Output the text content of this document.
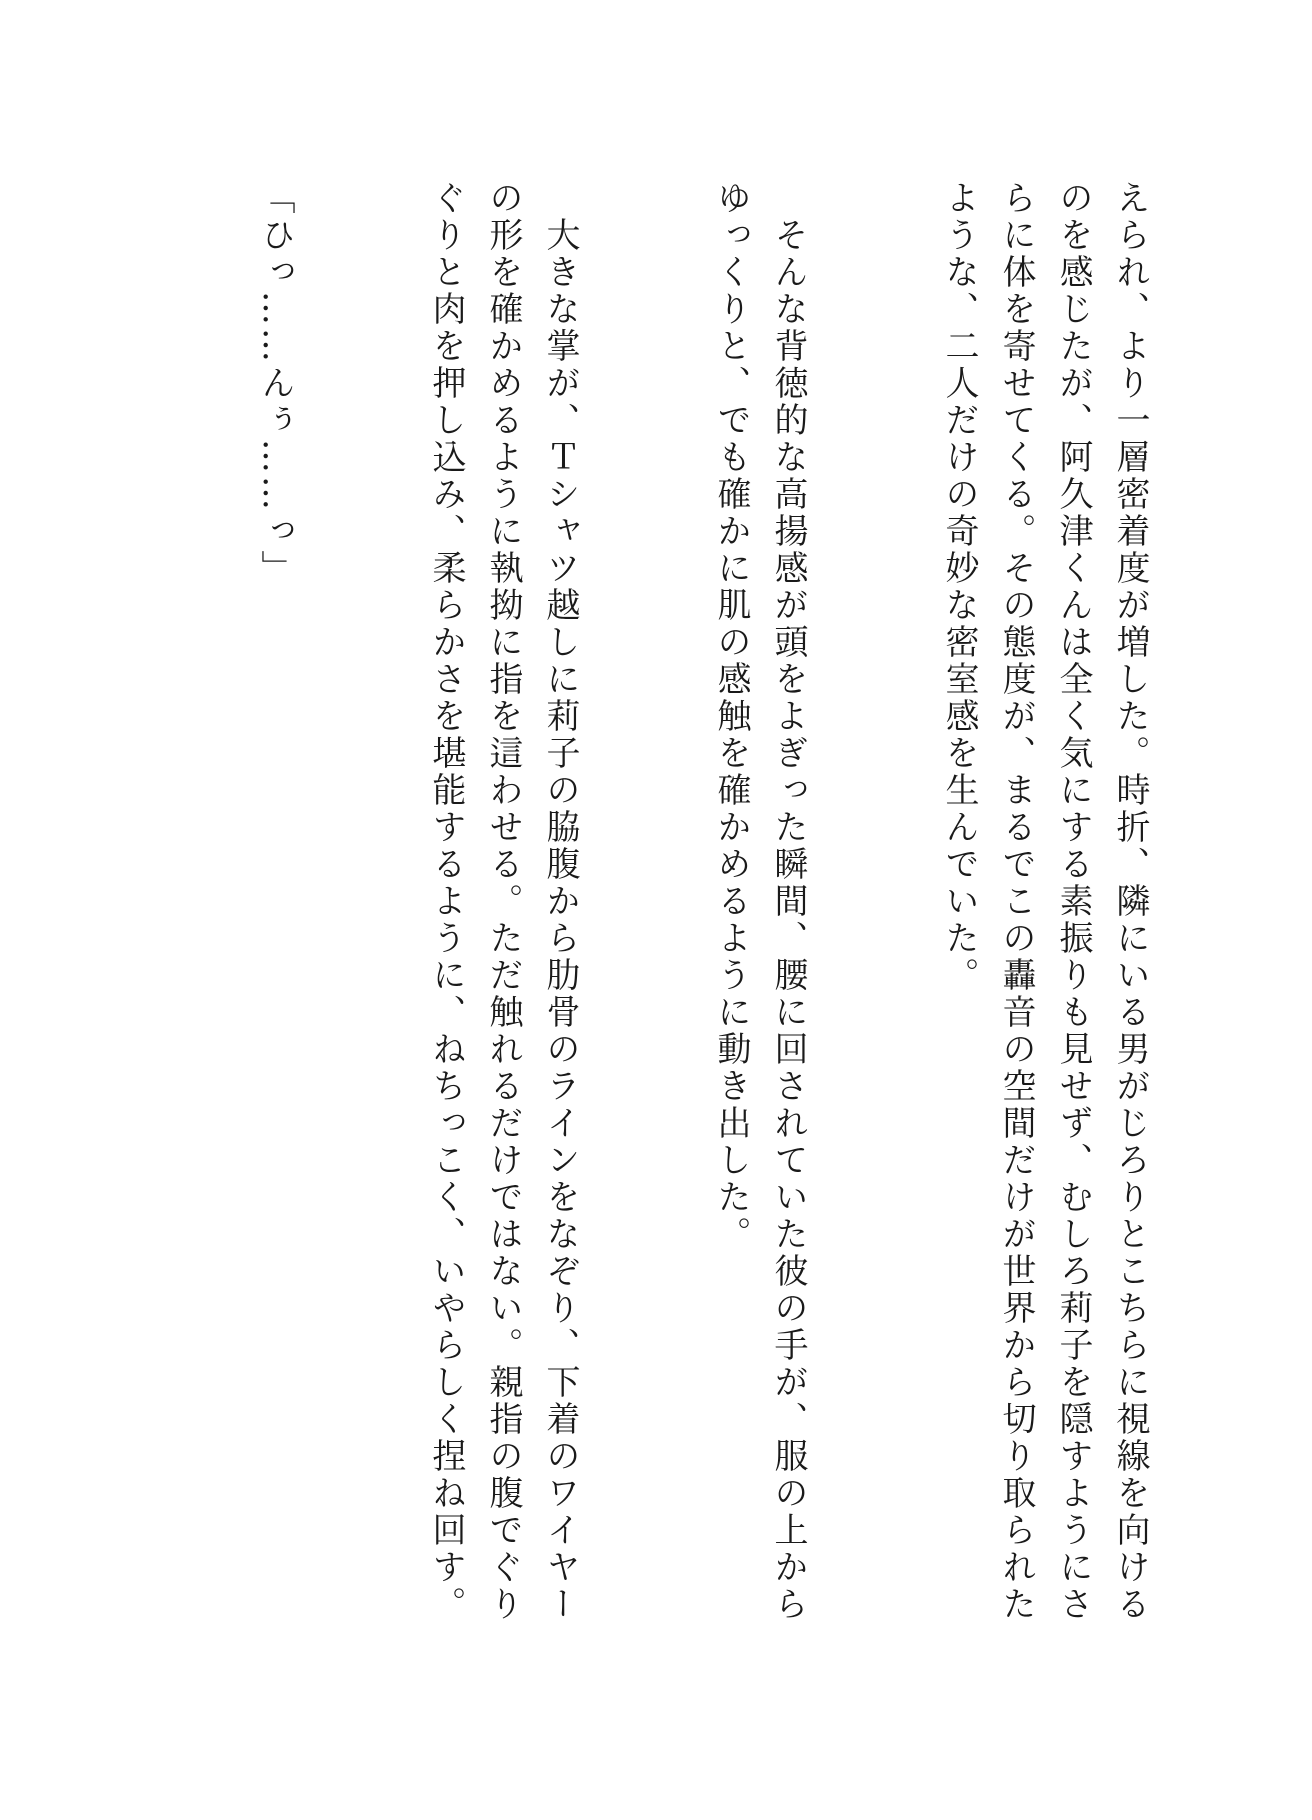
えられ、より一層密着度が増した。時折、隣にいる男がじろりとこちらに視線を向けるのを感じたが、阿久津くんは全く気にする素振りも見せず、むしろ莉子を隠すようにさらに体を寄せてくる。その態度が、まるでこの轟音の空間だけが世界から切り取られたような、二人だけの奇妙な密室感を生んでいた。

そんな背徳的な高揚感が頭をよぎった瞬間、腰に回されていた彼の手が、服の上からゆっくりと、でも確かに肌の感触を確かめるように動き出した。

大きな掌が、Ｔシャツ越しに莉子の脇腹から肋骨のラインをなぞり、下着のワイヤーの形を確かめるように執拗に指を這わせる。ただ触れるだけではない。親指の腹でぐりぐりと肉を押し込み、柔らかさを堪能するように、ねちっこく、いやらしく捏ね回す。

「ひっ……んぅ……っ」
